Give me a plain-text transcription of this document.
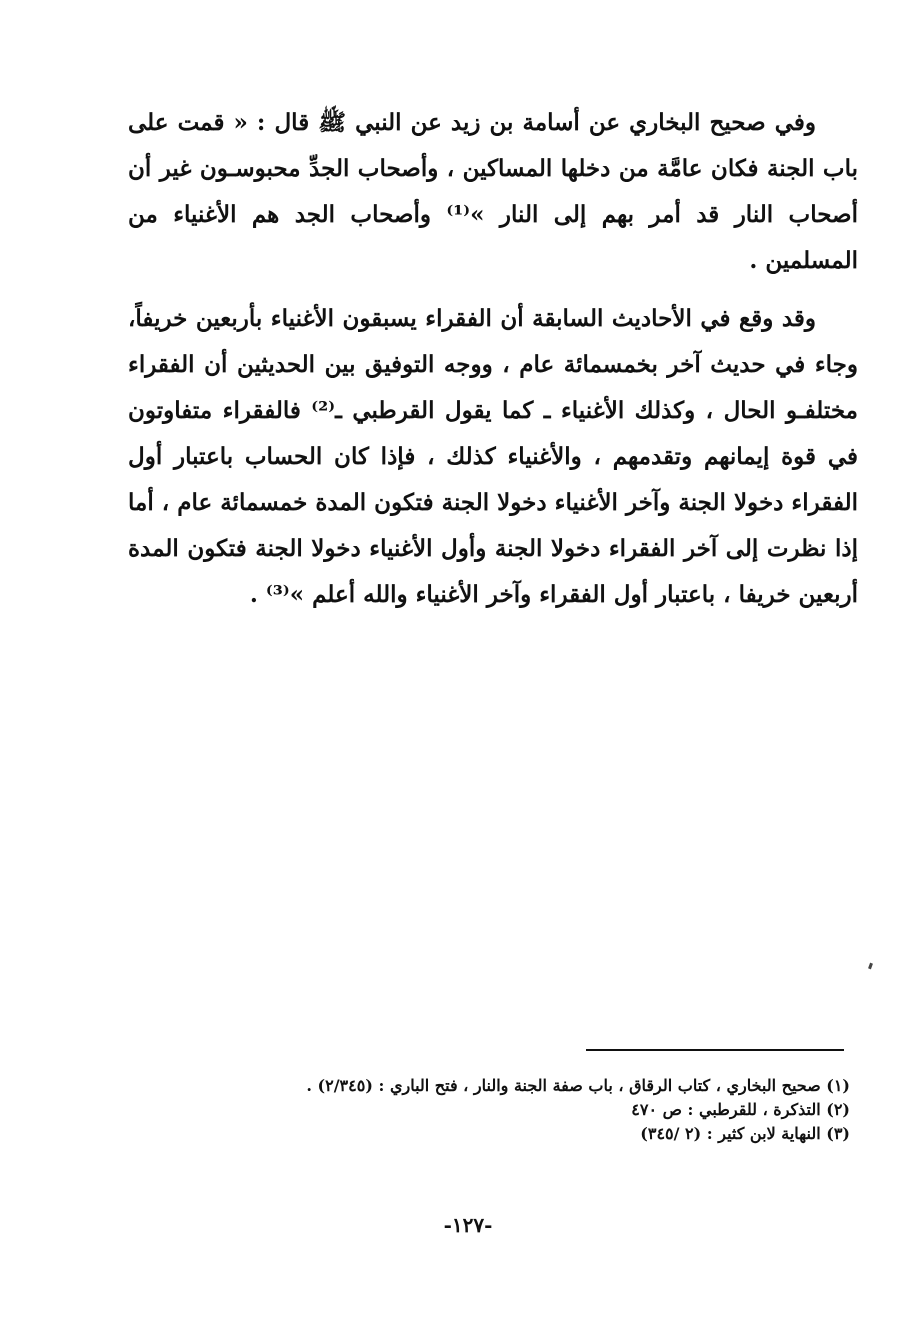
وفي صحيح البخاري عن أسامة بن زيد عن النبي ﷺ قال : « قمت على باب الجنة فكان عامَّة من دخلها المساكين ، وأصحاب الجدِّ محبوسـون غير أن أصحاب النار قد أمر بهم إلى النار »⁽¹⁾ وأصحاب الجد هم الأغنياء من المسلمين .

وقد وقع في الأحاديث السابقة أن الفقراء يسبقون الأغنياء بأربعين خريفاً، وجاء في حديث آخر بخمسمائة عام ، ووجه التوفيق بين الحديثين أن الفقراء مختلفـو الحال ، وكذلك الأغنياء ـ كما يقول القرطبي ـ⁽²⁾ فالفقراء متفاوتون في قوة إيمانهم وتقدمهم ، والأغنياء كذلك ، فإذا كان الحساب باعتبار أول الفقراء دخولا الجنة وآخر الأغنياء دخولا الجنة فتكون المدة خمسمائة عام ، أما إذا نظرت إلى آخر الفقراء دخولا الجنة وأول الأغنياء دخولا الجنة فتكون المدة أربعين خريفا ، باعتبار أول الفقراء وآخر الأغنياء والله أعلم »⁽³⁾ .

(١) صحيح البخاري ، كتاب الرقاق ، باب صفة الجنة والنار ، فتح الباري : (٢/٣٤٥) .

(٢) التذكرة ، للقرطبي : ص ٤٧٠

(٣) النهاية لابن كثير : (٢ /٣٤٥)

-١٢٧-
